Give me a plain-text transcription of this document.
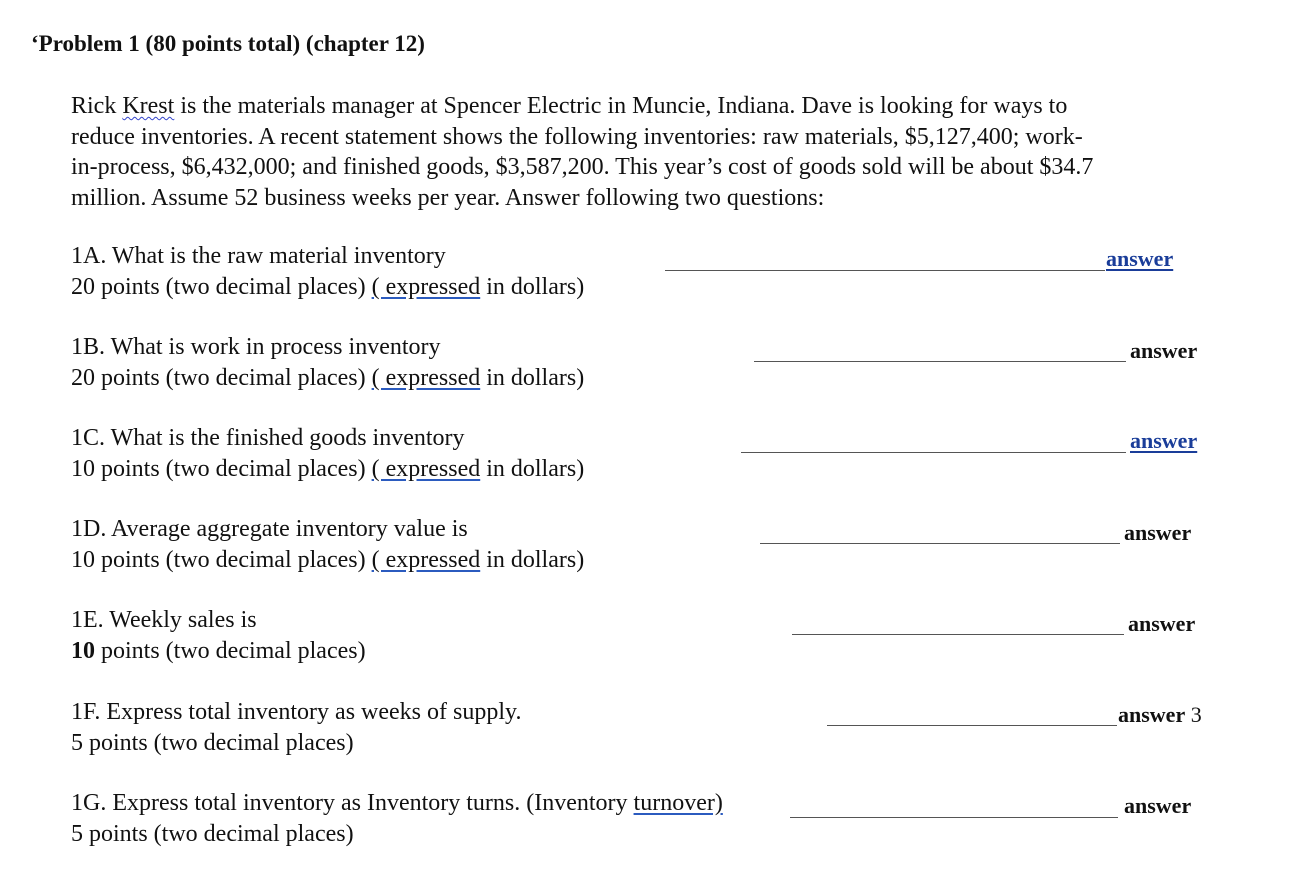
‘Problem 1 (80 points total) (chapter 12)
Rick Krest is the materials manager at Spencer Electric in Muncie, Indiana. Dave is looking for ways to
reduce inventories. A recent statement shows the following inventories: raw materials, $5,127,400; work-
in-process, $6,432,000; and finished goods, $3,587,200. This year’s cost of goods sold will be about $34.7
million. Assume 52 business weeks per year. Answer following two questions:
1A. What is the raw material inventory
20 points (two decimal places) ( expressed in dollars)
answer
1B. What is work in process inventory
20 points (two decimal places) ( expressed in dollars)
answer
1C. What is the finished goods inventory
10 points (two decimal places) ( expressed in dollars)
answer
1D. Average aggregate inventory value is
10 points (two decimal places) ( expressed in dollars)
answer
1E. Weekly sales is
10 points (two decimal places)
answer
1F. Express total inventory as weeks of supply.
5 points (two decimal places)
answer 3
1G. Express total inventory as Inventory turns. (Inventory turnover)
5 points (two decimal places)
answer
